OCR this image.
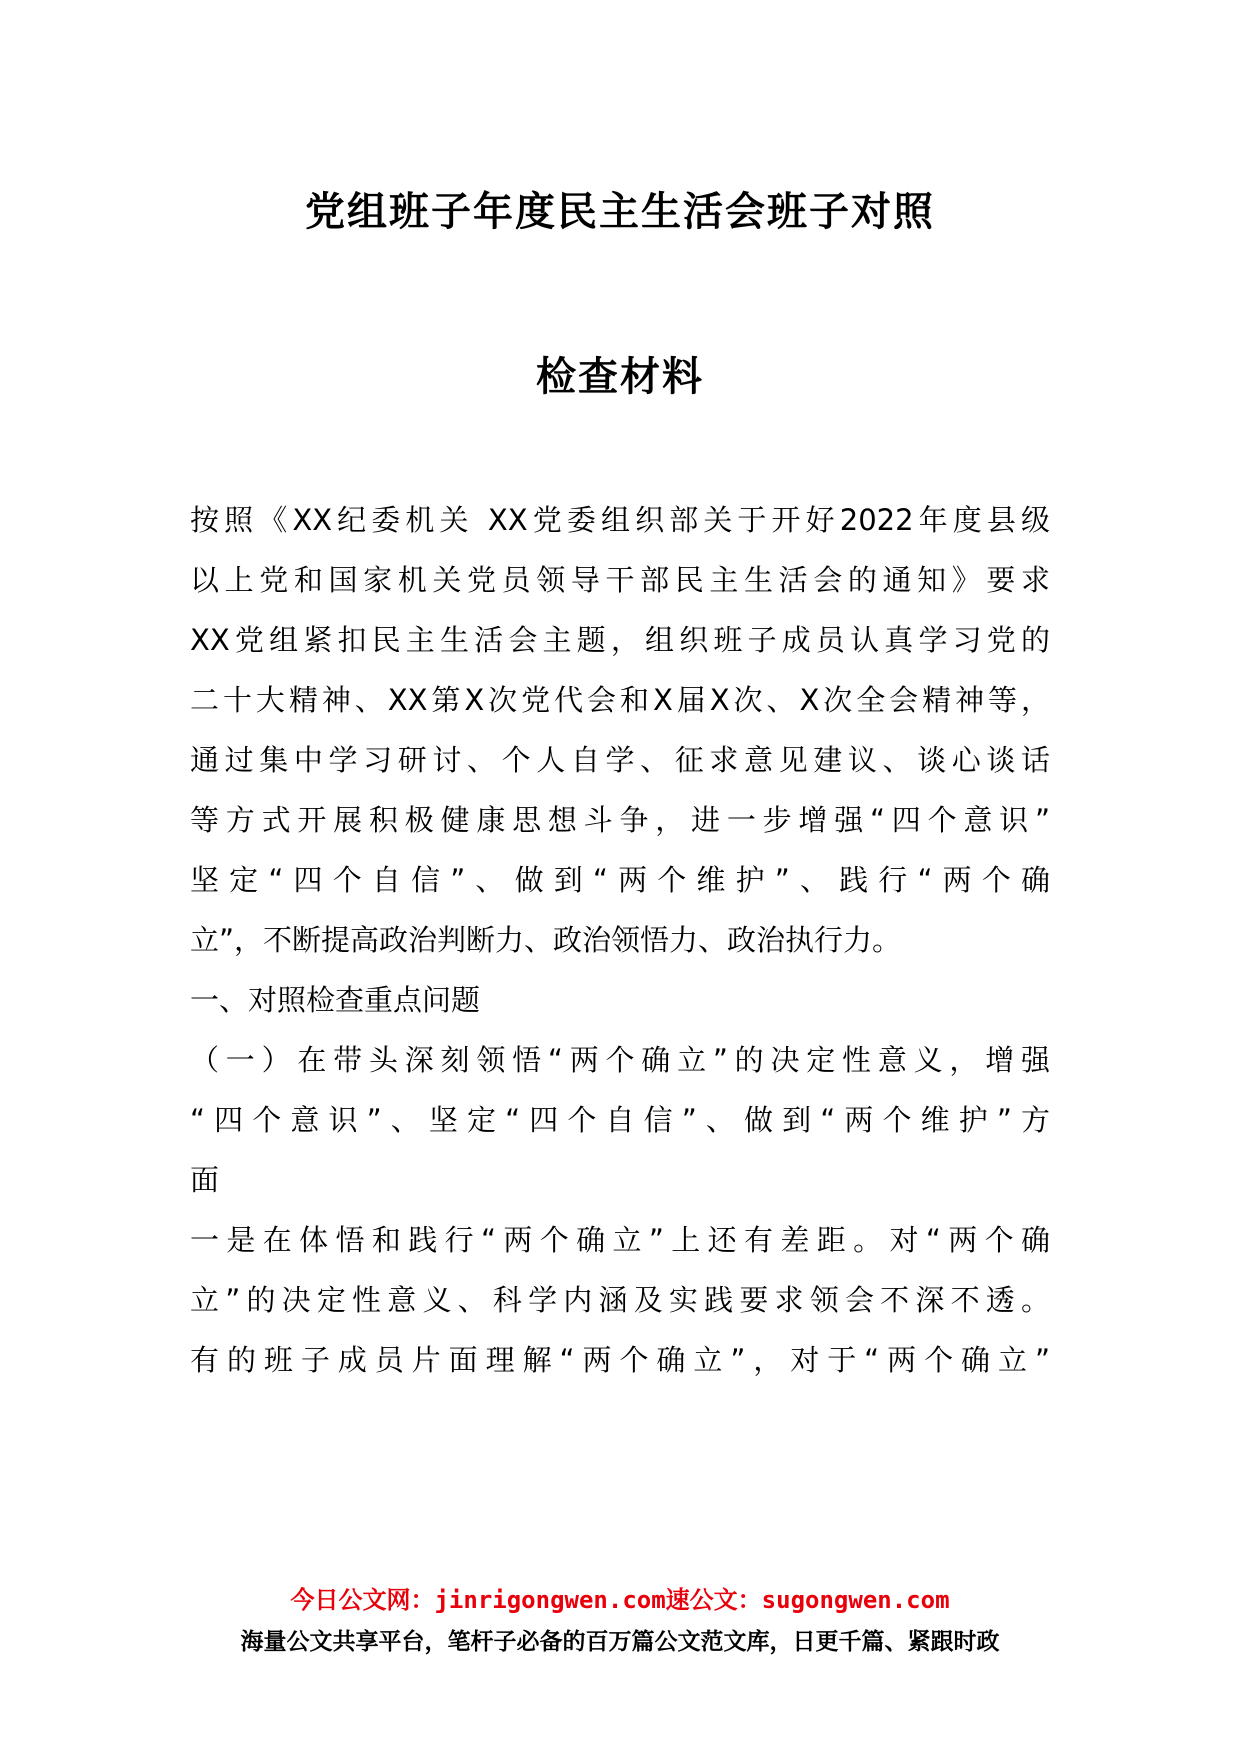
党组班子年度民主生活会班子对照
检查材料

按照《XX纪委机关 XX党委组织部关于开好2022年度县级

以上党和国家机关党员领导干部民主生活会的通知》要求

XX党组紧扣民主生活会主题，组织班子成员认真学习党的

二十大精神、XX第X次党代会和X届X次、X次全会精神等，

通过集中学习研讨、个人自学、征求意见建议、谈心谈话

等方式开展积极健康思想斗争，进一步增强“四个意识”

坚定“四个自信”、做到“两个维护”、践行“两个确

立”，不断提高政治判断力、政治领悟力、政治执行力。

一、对照检查重点问题

（一）在带头深刻领悟“两个确立”的决定性意义，增强

“四个意识”、坚定“四个自信”、做到“两个维护”方

面

一是在体悟和践行“两个确立”上还有差距。对“两个确

立”的决定性意义、科学内涵及实践要求领会不深不透。

有的班子成员片面理解“两个确立”，对于“两个确立”

今日公文网：jinrigongwen.com速公文：sugongwen.com
海量公文共享平台，笔杆子必备的百万篇公文范文库，日更千篇、紧跟时政
